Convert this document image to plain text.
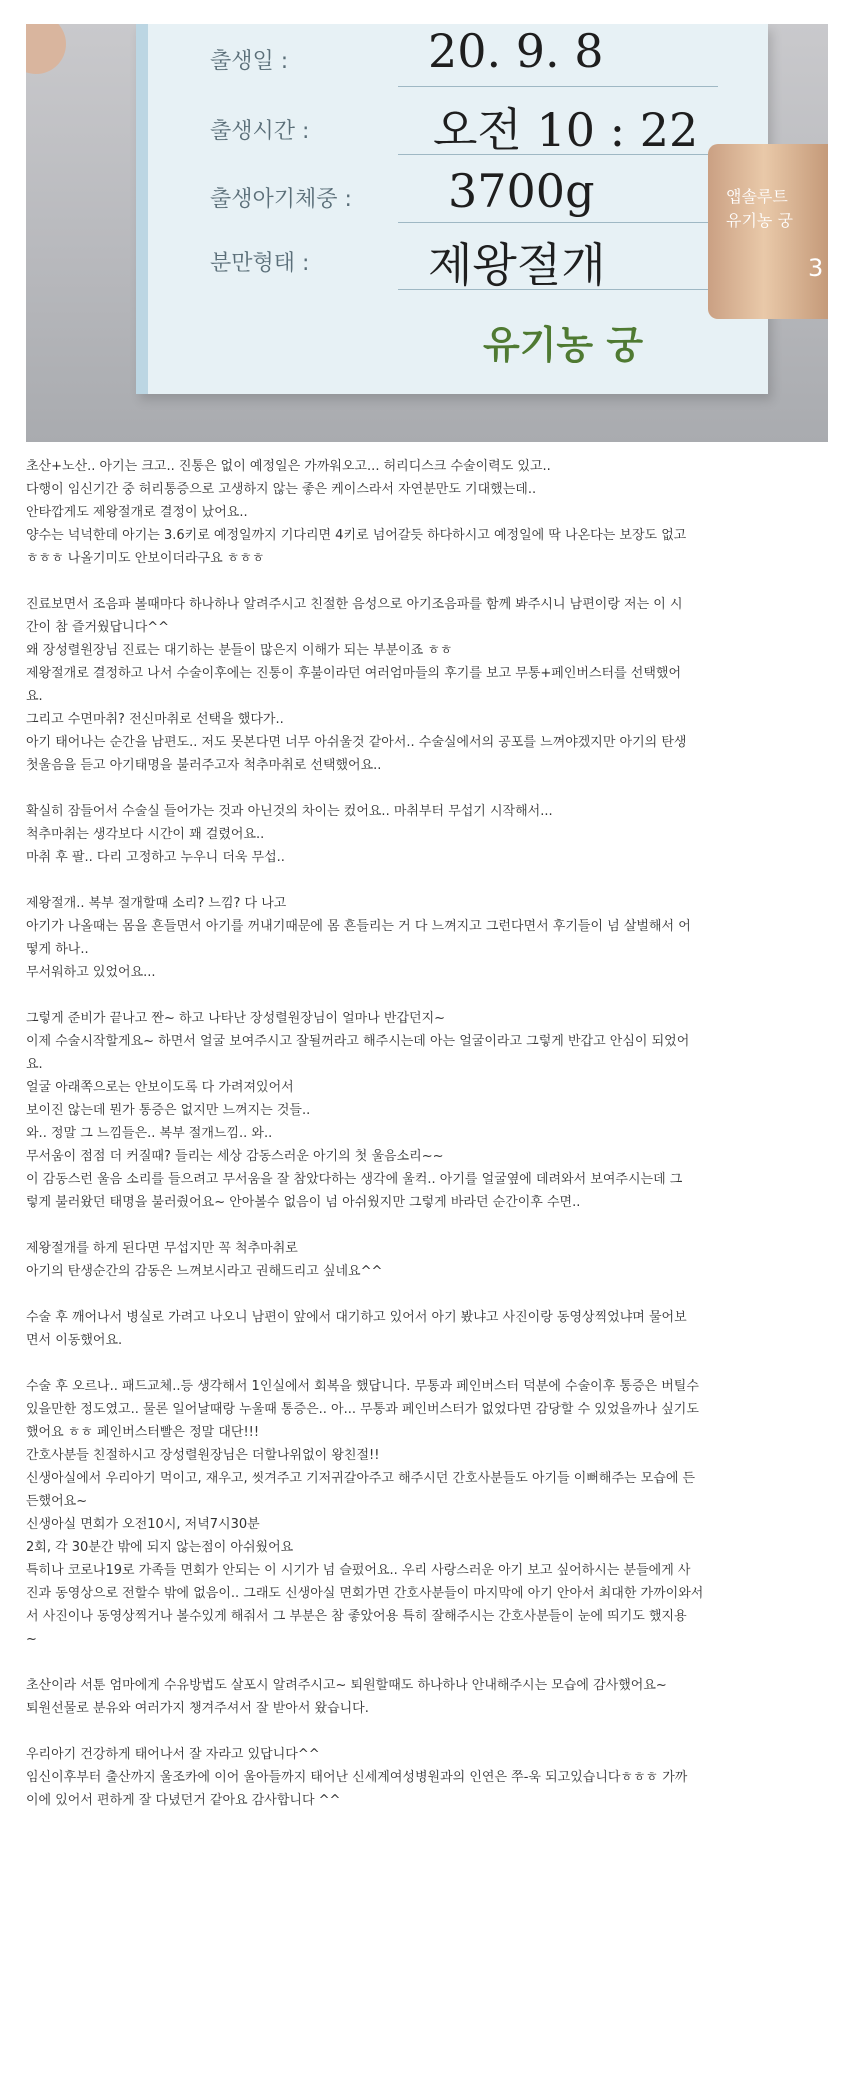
출생일 :
출생시간 :
출생아기체중 :
분만형태 :
20. 9. 8
오전 10 : 22
3700g
제왕절개
유기농 궁
앱솔루트
유기농 궁
3
초산+노산.. 아기는 크고.. 진통은 없이 예정일은 가까워오고... 허리디스크 수술이력도 있고..
다행이 임신기간 중 허리통증으로 고생하지 않는 좋은 케이스라서 자연분만도 기대했는데..
안타깝게도 제왕절개로 결정이 났어요..
양수는 넉넉한데 아기는 3.6키로 예정일까지 기다리면 4키로 넘어갈듯 하다하시고 예정일에 딱 나온다는 보장도 없고
ㅎㅎㅎ 나올기미도 안보이더라구요 ㅎㅎㅎ
진료보면서 조음파 볼때마다 하나하나 알려주시고 친절한 음성으로 아기조음파를 함께 봐주시니 남편이랑 저는 이 시
간이 참 즐거웠답니다^^
왜 장성렬원장님 진료는 대기하는 분들이 많은지 이해가 되는 부분이죠 ㅎㅎ
제왕절개로 결정하고 나서 수술이후에는 진통이 후불이라던 여러엄마들의 후기를 보고 무통+페인버스터를 선택했어
요.
그리고 수면마취? 전신마취로 선택을 했다가..
아기 태어나는 순간을 남편도.. 저도 못본다면 너무 아쉬울것 같아서.. 수술실에서의 공포를 느껴야겠지만 아기의 탄생
첫울음을 듣고 아기태명을 불러주고자 척추마취로 선택했어요..
확실히 잠들어서 수술실 들어가는 것과 아닌것의 차이는 컸어요.. 마취부터 무섭기 시작해서...
척추마취는 생각보다 시간이 꽤 걸렸어요..
마취 후 팔.. 다리 고정하고 누우니 더욱 무섭..
제왕절개.. 복부 절개할때 소리? 느낌? 다 나고
아기가 나올때는 몸을 흔들면서 아기를 꺼내기때문에 몸 흔들리는 거 다 느껴지고 그런다면서 후기들이 넘 살벌해서 어
떻게 하나..
무서워하고 있었어요...
그렇게 준비가 끝나고 짠~ 하고 나타난 장성렬원장님이 얼마나 반갑던지~
이제 수술시작할게요~ 하면서 얼굴 보여주시고 잘될꺼라고 해주시는데 아는 얼굴이라고 그렇게 반갑고 안심이 되었어
요.
얼굴 아래쪽으로는 안보이도록 다 가려져있어서
보이진 않는데 뭔가 통증은 없지만 느껴지는 것들..
와.. 정말 그 느낌들은.. 복부 절개느낌.. 와..
무서움이 점점 더 커질때? 들리는 세상 감동스러운 아기의 첫 울음소리~~
이 감동스런 울음 소리를 들으려고 무서움을 잘 참았다하는 생각에 울컥.. 아기를 얼굴옆에 데려와서 보여주시는데 그
렇게 불러왔던 태명을 불러줬어요~ 안아볼수 없음이 넘 아쉬웠지만 그렇게 바라던 순간이후 수면..
제왕절개를 하게 된다면 무섭지만 꼭 척추마취로
아기의 탄생순간의 감동은 느껴보시라고 권해드리고 싶네요^^
수술 후 깨어나서 병실로 가려고 나오니 남편이 앞에서 대기하고 있어서 아기 봤냐고 사진이랑 동영상찍었냐며 물어보
면서 이동했어요.
수술 후 오르나.. 패드교체..등 생각해서 1인실에서 회복을 했답니다. 무통과 페인버스터 덕분에 수술이후 통증은 버틸수
있을만한 정도였고.. 물론 일어날때랑 누울때 통증은.. 아... 무통과 페인버스터가 없었다면 감당할 수 있었을까나 싶기도
했어요 ㅎㅎ 페인버스터빨은 정말 대단!!!
간호사분들 친절하시고 장성렬원장님은 더할나위없이 왕친절!!
신생아실에서 우리아기 먹이고, 재우고, 씻겨주고 기저귀갈아주고 해주시던 간호사분들도 아기들 이뻐해주는 모습에 든
든했어요~
신생아실 면회가 오전10시, 저녁7시30분
2회, 각 30분간 밖에 되지 않는점이 아쉬웠어요
특히나 코로나19로 가족들 면회가 안되는 이 시기가 넘 슬펐어요.. 우리 사랑스러운 아기 보고 싶어하시는 분들에게 사
진과 동영상으로 전할수 밖에 없음이.. 그래도 신생아실 면회가면 간호사분들이 마지막에 아기 안아서 최대한 가까이와서
서 사진이나 동영상찍거나 볼수있게 해줘서 그 부분은 참 좋았어용 특히 잘해주시는 간호사분들이 눈에 띄기도 했지용
~
초산이라 서툰 엄마에게 수유방법도 살포시 알려주시고~ 퇴원할때도 하나하나 안내해주시는 모습에 감사했어요~
퇴원선물로 분유와 여러가지 챙겨주셔서 잘 받아서 왔습니다.
우리아기 건강하게 태어나서 잘 자라고 있답니다^^
임신이후부터 출산까지 울조카에 이어 울아들까지 태어난 신세계여성병원과의 인연은 쭈-욱 되고있습니다ㅎㅎㅎ 가까
이에 있어서 편하게 잘 다녔던거 같아요 감사합니다 ^^
